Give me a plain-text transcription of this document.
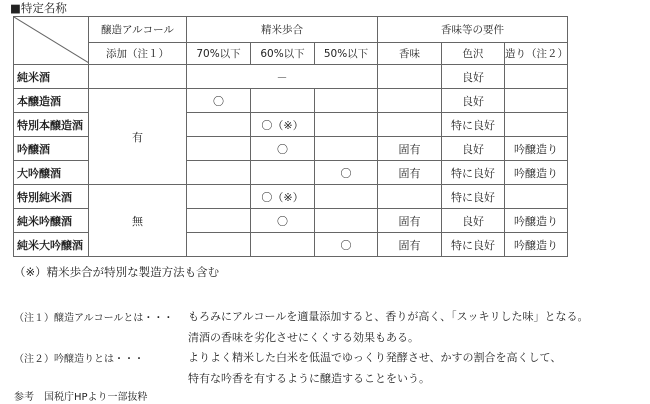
■特定名称
	醸造アルコール	精米歩合			香味等の要件		
	添加（注１）	70%以下	60%以下	50%以下	香味	色沢	造り（注２）
純米酒		－				良好	
本醸造酒	有	〇				良好	
特別本醸造酒			〇（※）			特に良好	
吟醸酒			〇		固有	良好	吟醸造り
大吟醸酒				〇	固有	特に良好	吟醸造り
特別純米酒	無		〇（※）			特に良好	
純米吟醸酒			〇		固有	良好	吟醸造り
純米大吟醸酒				〇	固有	特に良好	吟醸造り
（※）精米歩合が特別な製造方法も含む
（注１）醸造アルコールとは・・・ もろみにアルコールを適量添加すると、香りが高く、「スッキリした味」となる。
清酒の香味を劣化させにくくする効果もある。
（注２）吟醸造りとは・・・	よりよく精米した白米を低温でゆっくり発酵させ、かすの割合を高くして、
特有な吟香を有するように醸造することをいう。
参考　国税庁HPより一部抜粋
